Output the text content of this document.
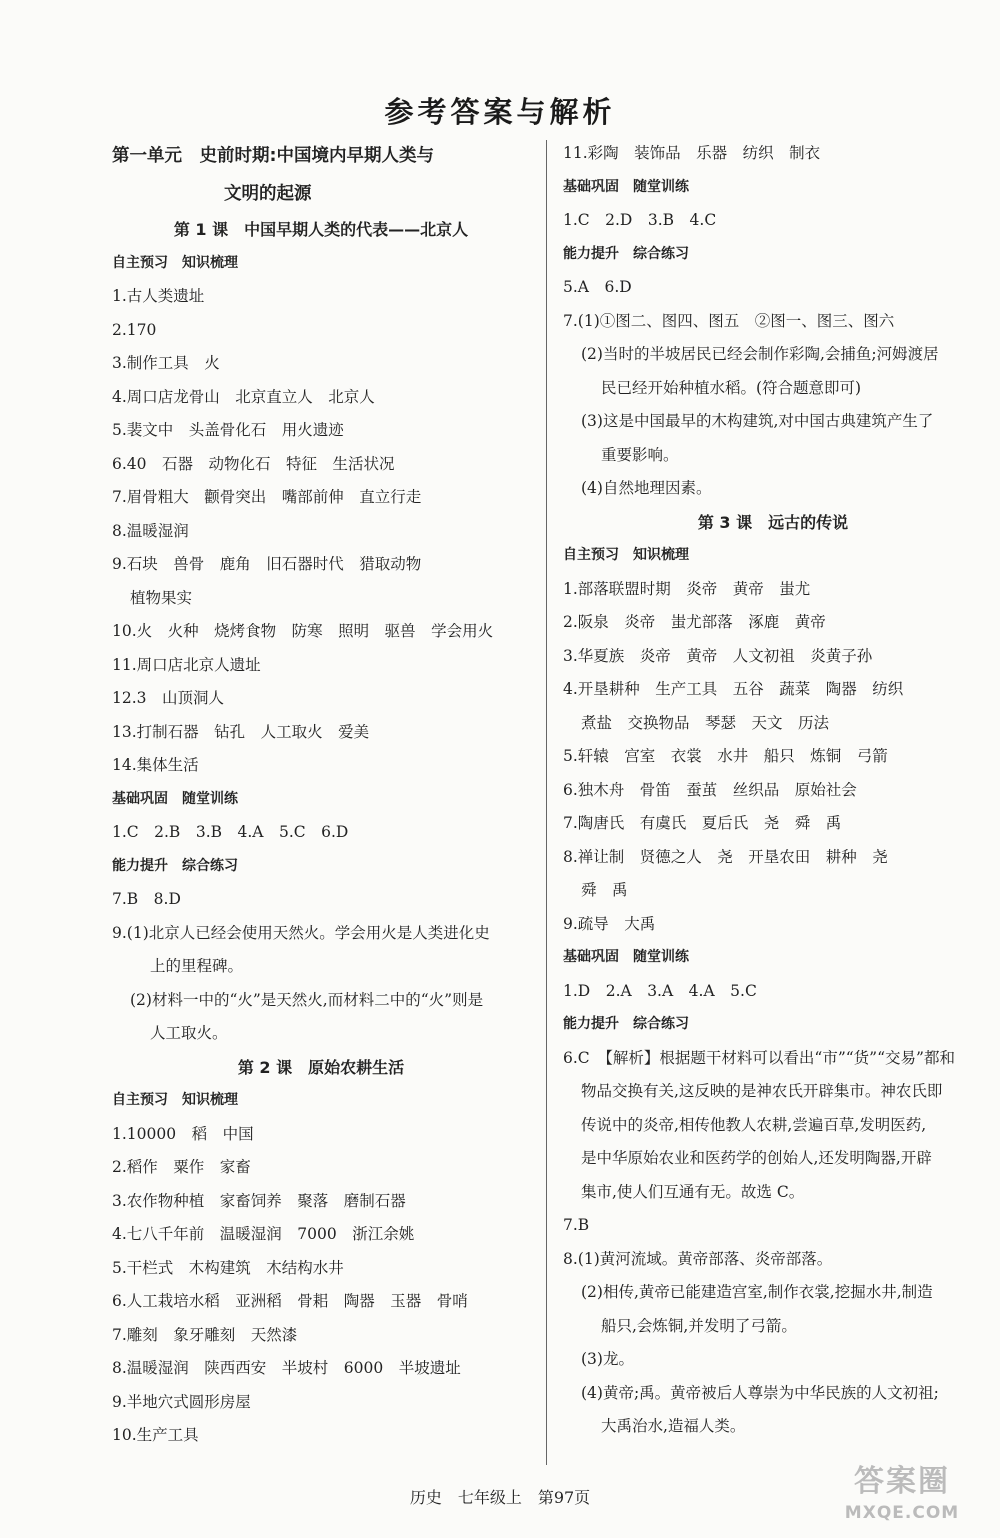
参考答案与解析
第一单元　史前时期:中国境内早期人类与
文明的起源
第 1 课　中国早期人类的代表——北京人
自主预习　知识梳理
1.古人类遗址
2.170
3.制作工具　火
4.周口店龙骨山　北京直立人　北京人
5.裴文中　头盖骨化石　用火遗迹
6.40　石器　动物化石　特征　生活状况
7.眉骨粗大　颧骨突出　嘴部前伸　直立行走
8.温暖湿润
9.石块　兽骨　鹿角　旧石器时代　猎取动物
植物果实
10.火　火种　烧烤食物　防寒　照明　驱兽　学会用火
11.周口店北京人遗址
12.3　山顶洞人
13.打制石器　钻孔　人工取火　爱美
14.集体生活
基础巩固　随堂训练
1.C　2.B　3.B　4.A　5.C　6.D
能力提升　综合练习
7.B　8.D
9.(1)北京人已经会使用天然火。学会用火是人类进化史
上的里程碑。
(2)材料一中的“火”是天然火,而材料二中的“火”则是
人工取火。
第 2 课　原始农耕生活
自主预习　知识梳理
1.10000　稻　中国
2.稻作　粟作　家畜
3.农作物种植　家畜饲养　聚落　磨制石器
4.七八千年前　温暖湿润　7000　浙江余姚
5.干栏式　木构建筑　木结构水井
6.人工栽培水稻　亚洲稻　骨耜　陶器　玉器　骨哨
7.雕刻　象牙雕刻　天然漆
8.温暖湿润　陕西西安　半坡村　6000　半坡遗址
9.半地穴式圆形房屋
10.生产工具
11.彩陶　装饰品　乐器　纺织　制衣
基础巩固　随堂训练
1.C　2.D　3.B　4.C
能力提升　综合练习
5.A　6.D
7.(1)①图二、图四、图五　②图一、图三、图六
(2)当时的半坡居民已经会制作彩陶,会捕鱼;河姆渡居
民已经开始种植水稻。(符合题意即可)
(3)这是中国最早的木构建筑,对中国古典建筑产生了
重要影响。
(4)自然地理因素。
第 3 课　远古的传说
自主预习　知识梳理
1.部落联盟时期　炎帝　黄帝　蚩尤
2.阪泉　炎帝　蚩尤部落　涿鹿　黄帝
3.华夏族　炎帝　黄帝　人文初祖　炎黄子孙
4.开垦耕种　生产工具　五谷　蔬菜　陶器　纺织
煮盐　交换物品　琴瑟　天文　历法
5.轩辕　宫室　衣裳　水井　船只　炼铜　弓箭
6.独木舟　骨笛　蚕茧　丝织品　原始社会
7.陶唐氏　有虞氏　夏后氏　尧　舜　禹
8.禅让制　贤德之人　尧　开垦农田　耕种　尧
舜　禹
9.疏导　大禹
基础巩固　随堂训练
1.D　2.A　3.A　4.A　5.C
能力提升　综合练习
6.C　【解析】根据题干材料可以看出“市”“货”“交易”都和
物品交换有关,这反映的是神农氏开辟集市。神农氏即
传说中的炎帝,相传他教人农耕,尝遍百草,发明医药,
是中华原始农业和医药学的创始人,还发明陶器,开辟
集市,使人们互通有无。故选 C。
7.B
8.(1)黄河流域。黄帝部落、炎帝部落。
(2)相传,黄帝已能建造宫室,制作衣裳,挖掘水井,制造
船只,会炼铜,并发明了弓箭。
(3)龙。
(4)黄帝;禹。黄帝被后人尊崇为中华民族的人文初祖;
大禹治水,造福人类。
历史　七年级上　第97页	答案圈
MXQE.COM
